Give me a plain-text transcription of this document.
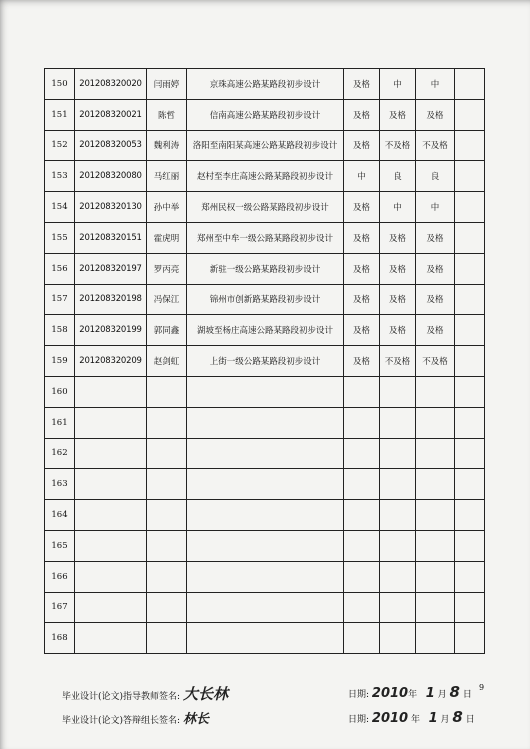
150	201208320020	闫雨婷	京珠高速公路某路段初步设计	及格	中	中	
151	201208320021	陈哲	信南高速公路某路段初步设计	及格	及格	及格	
152	201208320053	魏利涛	洛阳至南阳某高速公路某路段初步设计	及格	不及格	不及格	
153	201208320080	马红丽	赵村至李庄高速公路某路段初步设计	中	良	良	
154	201208320130	孙中举	郑州民权一级公路某路段初步设计	及格	中	中	
155	201208320151	霍虎明	郑州至中牟一级公路某路段初步设计	及格	及格	及格	
156	201208320197	罗丙亮	新驻一级公路某路段初步设计	及格	及格	及格	
157	201208320198	冯保江	锦州市创新路某路段初步设计	及格	及格	及格	
158	201208320199	郭同鑫	湖坡至杨庄高速公路某路段初步设计	及格	及格	及格	
159	201208320209	赵剑虹	上街一级公路某路段初步设计	及格	不及格	不及格	
160							
161							
162							
163							
164							
165							
166							
167							
168							
毕业设计(论文)指导教师签名: 大长林
毕业设计(论文)答辩组长签名: 林长
日期: 2010年 1 月 8 日
日期: 2010 年 1 月 8 日
9
